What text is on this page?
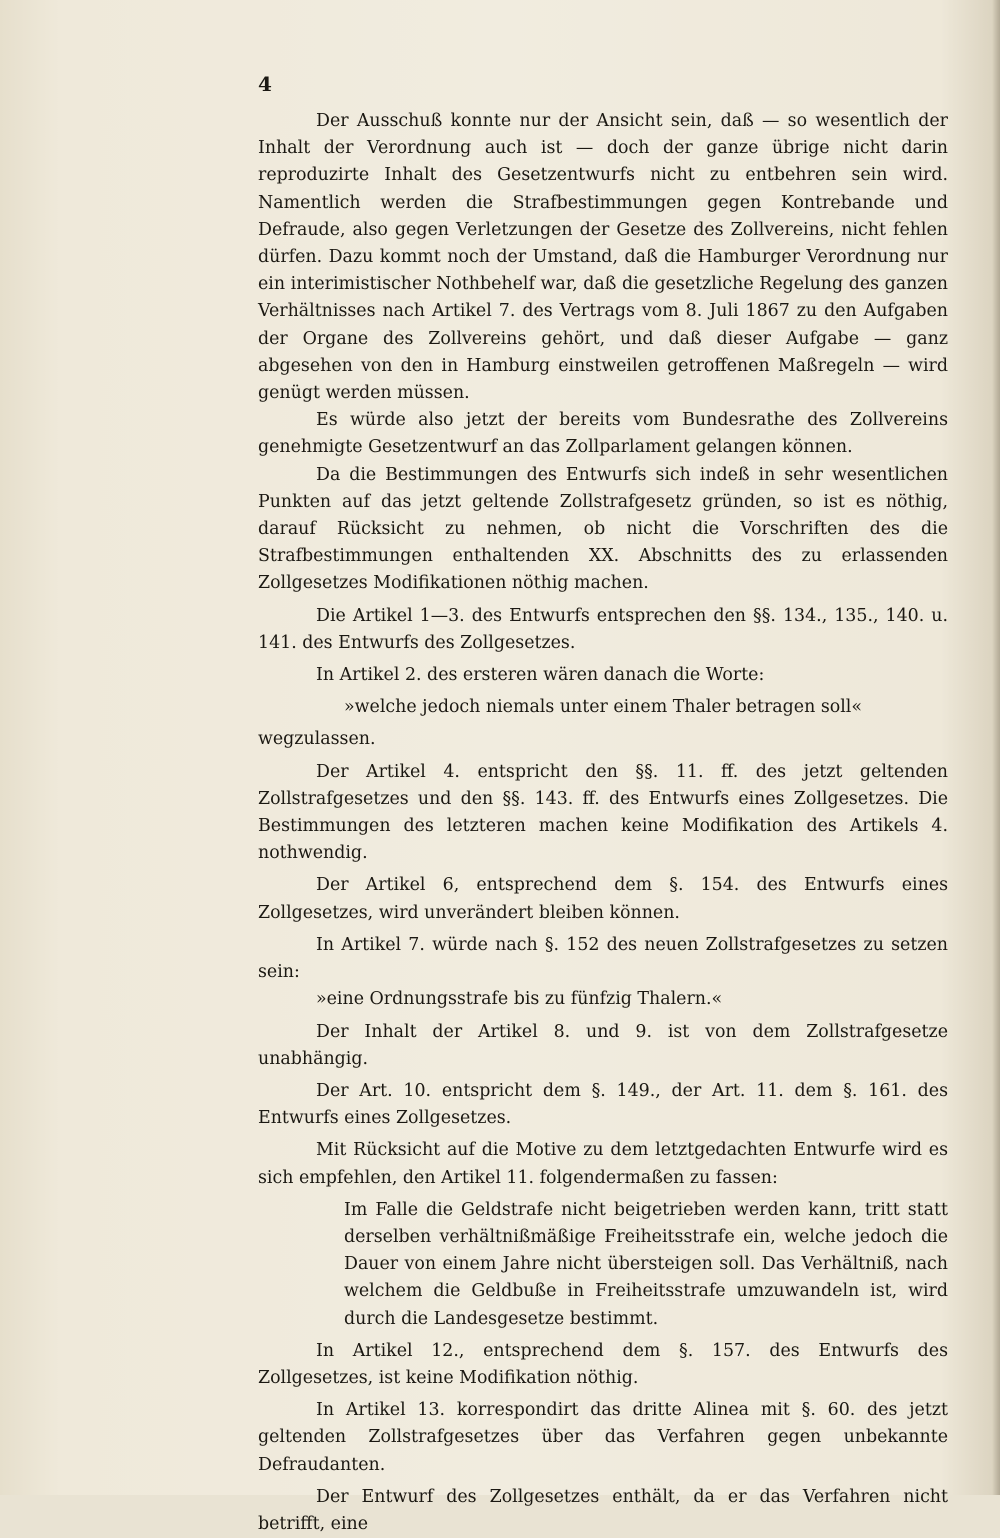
4

Der Ausschuß konnte nur der Ansicht sein, daß — so wesentlich der Inhalt der Verordnung auch ist — doch der ganze übrige nicht darin reproduzirte Inhalt des Gesetzentwurfs nicht zu entbehren sein wird. Namentlich werden die Strafbestimmungen gegen Kontrebande und Defraude, also gegen Verletzungen der Gesetze des Zollvereins, nicht fehlen dürfen. Dazu kommt noch der Umstand, daß die Hamburger Verordnung nur ein interimistischer Nothbehelf war, daß die gesetzliche Regelung des ganzen Verhältnisses nach Artikel 7. des Vertrags vom 8. Juli 1867 zu den Aufgaben der Organe des Zollvereins gehört, und daß dieser Aufgabe — ganz abgesehen von den in Hamburg einstweilen getroffenen Maßregeln — wird genügt werden müssen.

Es würde also jetzt der bereits vom Bundesrathe des Zollvereins genehmigte Gesetzentwurf an das Zollparlament gelangen können.

Da die Bestimmungen des Entwurfs sich indeß in sehr wesentlichen Punkten auf das jetzt geltende Zollstrafgesetz gründen, so ist es nöthig, darauf Rücksicht zu nehmen, ob nicht die Vorschriften des die Strafbestimmungen enthaltenden XX. Abschnitts des zu erlassenden Zollgesetzes Modifikationen nöthig machen.

Die Artikel 1—3. des Entwurfs entsprechen den §§. 134., 135., 140. u. 141. des Entwurfs des Zollgesetzes.

In Artikel 2. des ersteren wären danach die Worte:

»welche jedoch niemals unter einem Thaler betragen soll«

wegzulassen.

Der Artikel 4. entspricht den §§. 11. ff. des jetzt geltenden Zollstrafgesetzes und den §§. 143. ff. des Entwurfs eines Zollgesetzes. Die Bestimmungen des letzteren machen keine Modifikation des Artikels 4. nothwendig.

Der Artikel 6, entsprechend dem §. 154. des Entwurfs eines Zollgesetzes, wird unverändert bleiben können.

In Artikel 7. würde nach §. 152 des neuen Zollstrafgesetzes zu setzen sein:

»eine Ordnungsstrafe bis zu fünfzig Thalern.«

Der Inhalt der Artikel 8. und 9. ist von dem Zollstrafgesetze unabhängig.

Der Art. 10. entspricht dem §. 149., der Art. 11. dem §. 161. des Entwurfs eines Zollgesetzes.

Mit Rücksicht auf die Motive zu dem letztgedachten Entwurfe wird es sich empfehlen, den Artikel 11. folgendermaßen zu fassen:

Im Falle die Geldstrafe nicht beigetrieben werden kann, tritt statt derselben verhältnißmäßige Freiheitsstrafe ein, welche jedoch die Dauer von einem Jahre nicht übersteigen soll. Das Verhältniß, nach welchem die Geldbuße in Freiheitsstrafe umzuwandeln ist, wird durch die Landesgesetze bestimmt.

In Artikel 12., entsprechend dem §. 157. des Entwurfs des Zollgesetzes, ist keine Modifikation nöthig.

In Artikel 13. korrespondirt das dritte Alinea mit §. 60. des jetzt geltenden Zollstrafgesetzes über das Verfahren gegen unbekannte Defraudanten.

Der Entwurf des Zollgesetzes enthält, da er das Verfahren nicht betrifft, eine
